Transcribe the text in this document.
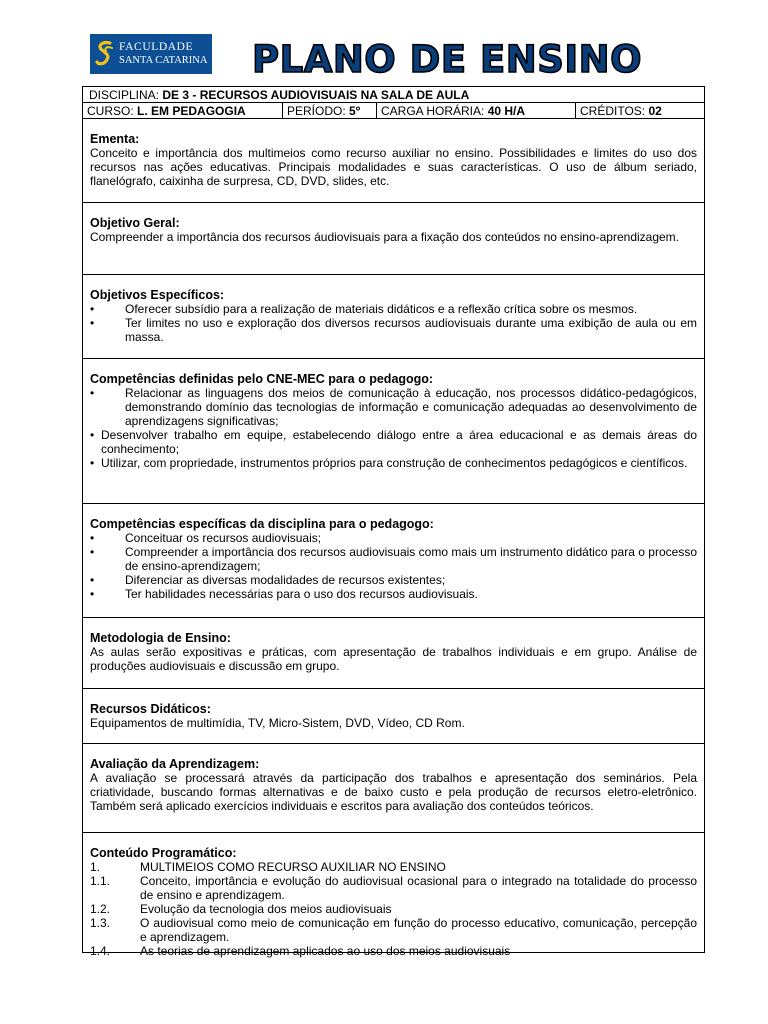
FACULDADE
SANTA CATARINA PLANO DE ENSINO
DISCIPLINA: DE 3 - RECURSOS AUDIOVISUAIS NA SALA DE AULA
CURSO: L. EM PEDAGOGIA	PERÍODO: 5º	CARGA HORÁRIA: 40 H/A	CRÉDITOS: 02
Ementa:
Conceito e importância dos multimeios como recurso auxiliar no ensino. Possibilidades e limites do uso dos recursos nas ações educativas. Principais modalidades e suas características. O uso de álbum seriado, flanelógrafo, caixinha de surpresa, CD, DVD, slides, etc.
Objetivo Geral:
Compreender a importância dos recursos áudiovisuais para a fixação dos conteúdos no ensino-aprendizagem.
Objetivos Específicos:
•	Oferecer subsídio para a realização de materiais didáticos e a reflexão crítica sobre os mesmos.
•	Ter limites no uso e exploração dos diversos recursos audiovisuais durante uma exibição de aula ou em massa.
Competências definidas pelo CNE-MEC para o pedagogo:
•	Relacionar as linguagens dos meios de comunicação à educação, nos processos didático-pedagógicos, demonstrando domínio das tecnologias de informação e comunicação adequadas ao desenvolvimento de aprendizagens significativas;
• Desenvolver trabalho em equipe, estabelecendo diálogo entre a área educacional e as demais áreas do conhecimento;
• Utilizar, com propriedade, instrumentos próprios para construção de conhecimentos pedagógicos e científicos.
Competências específicas da disciplina para o pedagogo:
•	Conceituar os recursos audiovisuais;
•	Compreender a importância dos recursos audiovisuais como mais um instrumento didático para o processo de ensino-aprendizagem;
•	Diferenciar as diversas modalidades de recursos existentes;
•	Ter habilidades necessárias para o uso dos recursos audiovisuais.
Metodologia de Ensino:
As aulas serão expositivas e práticas, com apresentação de trabalhos individuais e em grupo. Análise de produções audiovisuais e discussão em grupo.
Recursos Didáticos:
Equipamentos de multimídia, TV, Micro-Sistem, DVD, Vídeo, CD Rom.
Avaliação da Aprendizagem:
A avaliação se processará através da participação dos trabalhos e apresentação dos seminários. Pela criatividade, buscando formas alternativas e de baixo custo e pela produção de recursos eletro-eletrônico. Também será aplicado exercícios individuais e escritos para avaliação dos conteúdos teóricos.
Conteúdo Programático:
1.	MULTIMEIOS COMO RECURSO AUXILIAR NO ENSINO
1.1.	Conceito, importância e evolução do audiovisual ocasional para o integrado na totalidade do processo de ensino e aprendizagem.
1.2.	Evolução da tecnologia dos meios audiovisuais
1.3.	O audiovisual como meio de comunicação em função do processo educativo, comunicação, percepção e aprendizagem.
1.4.	As teorias de aprendizagem aplicados ao uso dos meios audiovisuais
